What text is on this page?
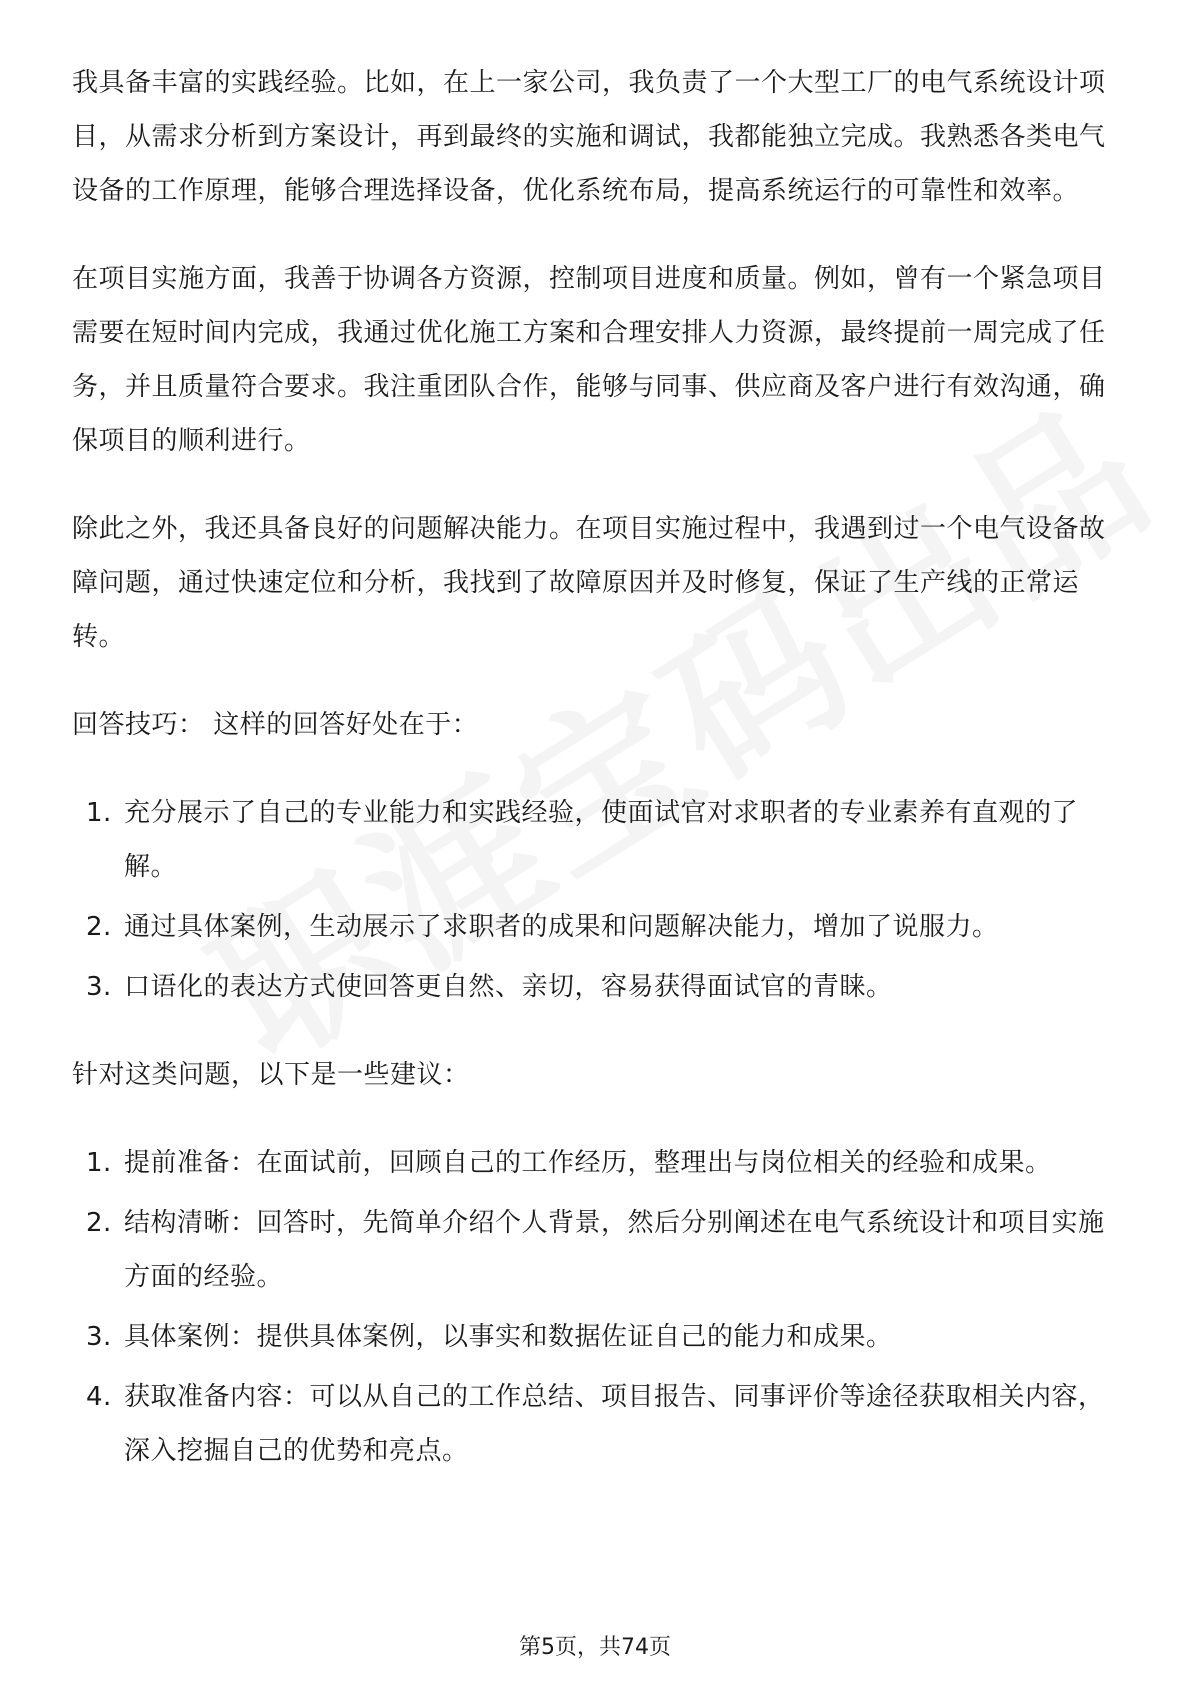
我具备丰富的实践经验。比如，在上一家公司，我负责了一个大型工厂的电气系统设计项目，从需求分析到方案设计，再到最终的实施和调试，我都能独立完成。我熟悉各类电气设备的工作原理，能够合理选择设备，优化系统布局，提高系统运行的可靠性和效率。

在项目实施方面，我善于协调各方资源，控制项目进度和质量。例如，曾有一个紧急项目需要在短时间内完成，我通过优化施工方案和合理安排人力资源，最终提前一周完成了任务，并且质量符合要求。我注重团队合作，能够与同事、供应商及客户进行有效沟通，确保项目的顺利进行。

除此之外，我还具备良好的问题解决能力。在项目实施过程中，我遇到过一个电气设备故障问题，通过快速定位和分析，我找到了故障原因并及时修复，保证了生产线的正常运转。

回答技巧： 这样的回答好处在于：

1. 充分展示了自己的专业能力和实践经验，使面试官对求职者的专业素养有直观的了解。
2. 通过具体案例，生动展示了求职者的成果和问题解决能力，增加了说服力。
3. 口语化的表达方式使回答更自然、亲切，容易获得面试官的青睐。

针对这类问题，以下是一些建议：

1. 提前准备：在面试前，回顾自己的工作经历，整理出与岗位相关的经验和成果。
2. 结构清晰：回答时，先简单介绍个人背景，然后分别阐述在电气系统设计和项目实施方面的经验。
3. 具体案例：提供具体案例，以事实和数据佐证自己的能力和成果。
4. 获取准备内容：可以从自己的工作总结、项目报告、同事评价等途径获取相关内容，深入挖掘自己的优势和亮点。
第5页，共74页
